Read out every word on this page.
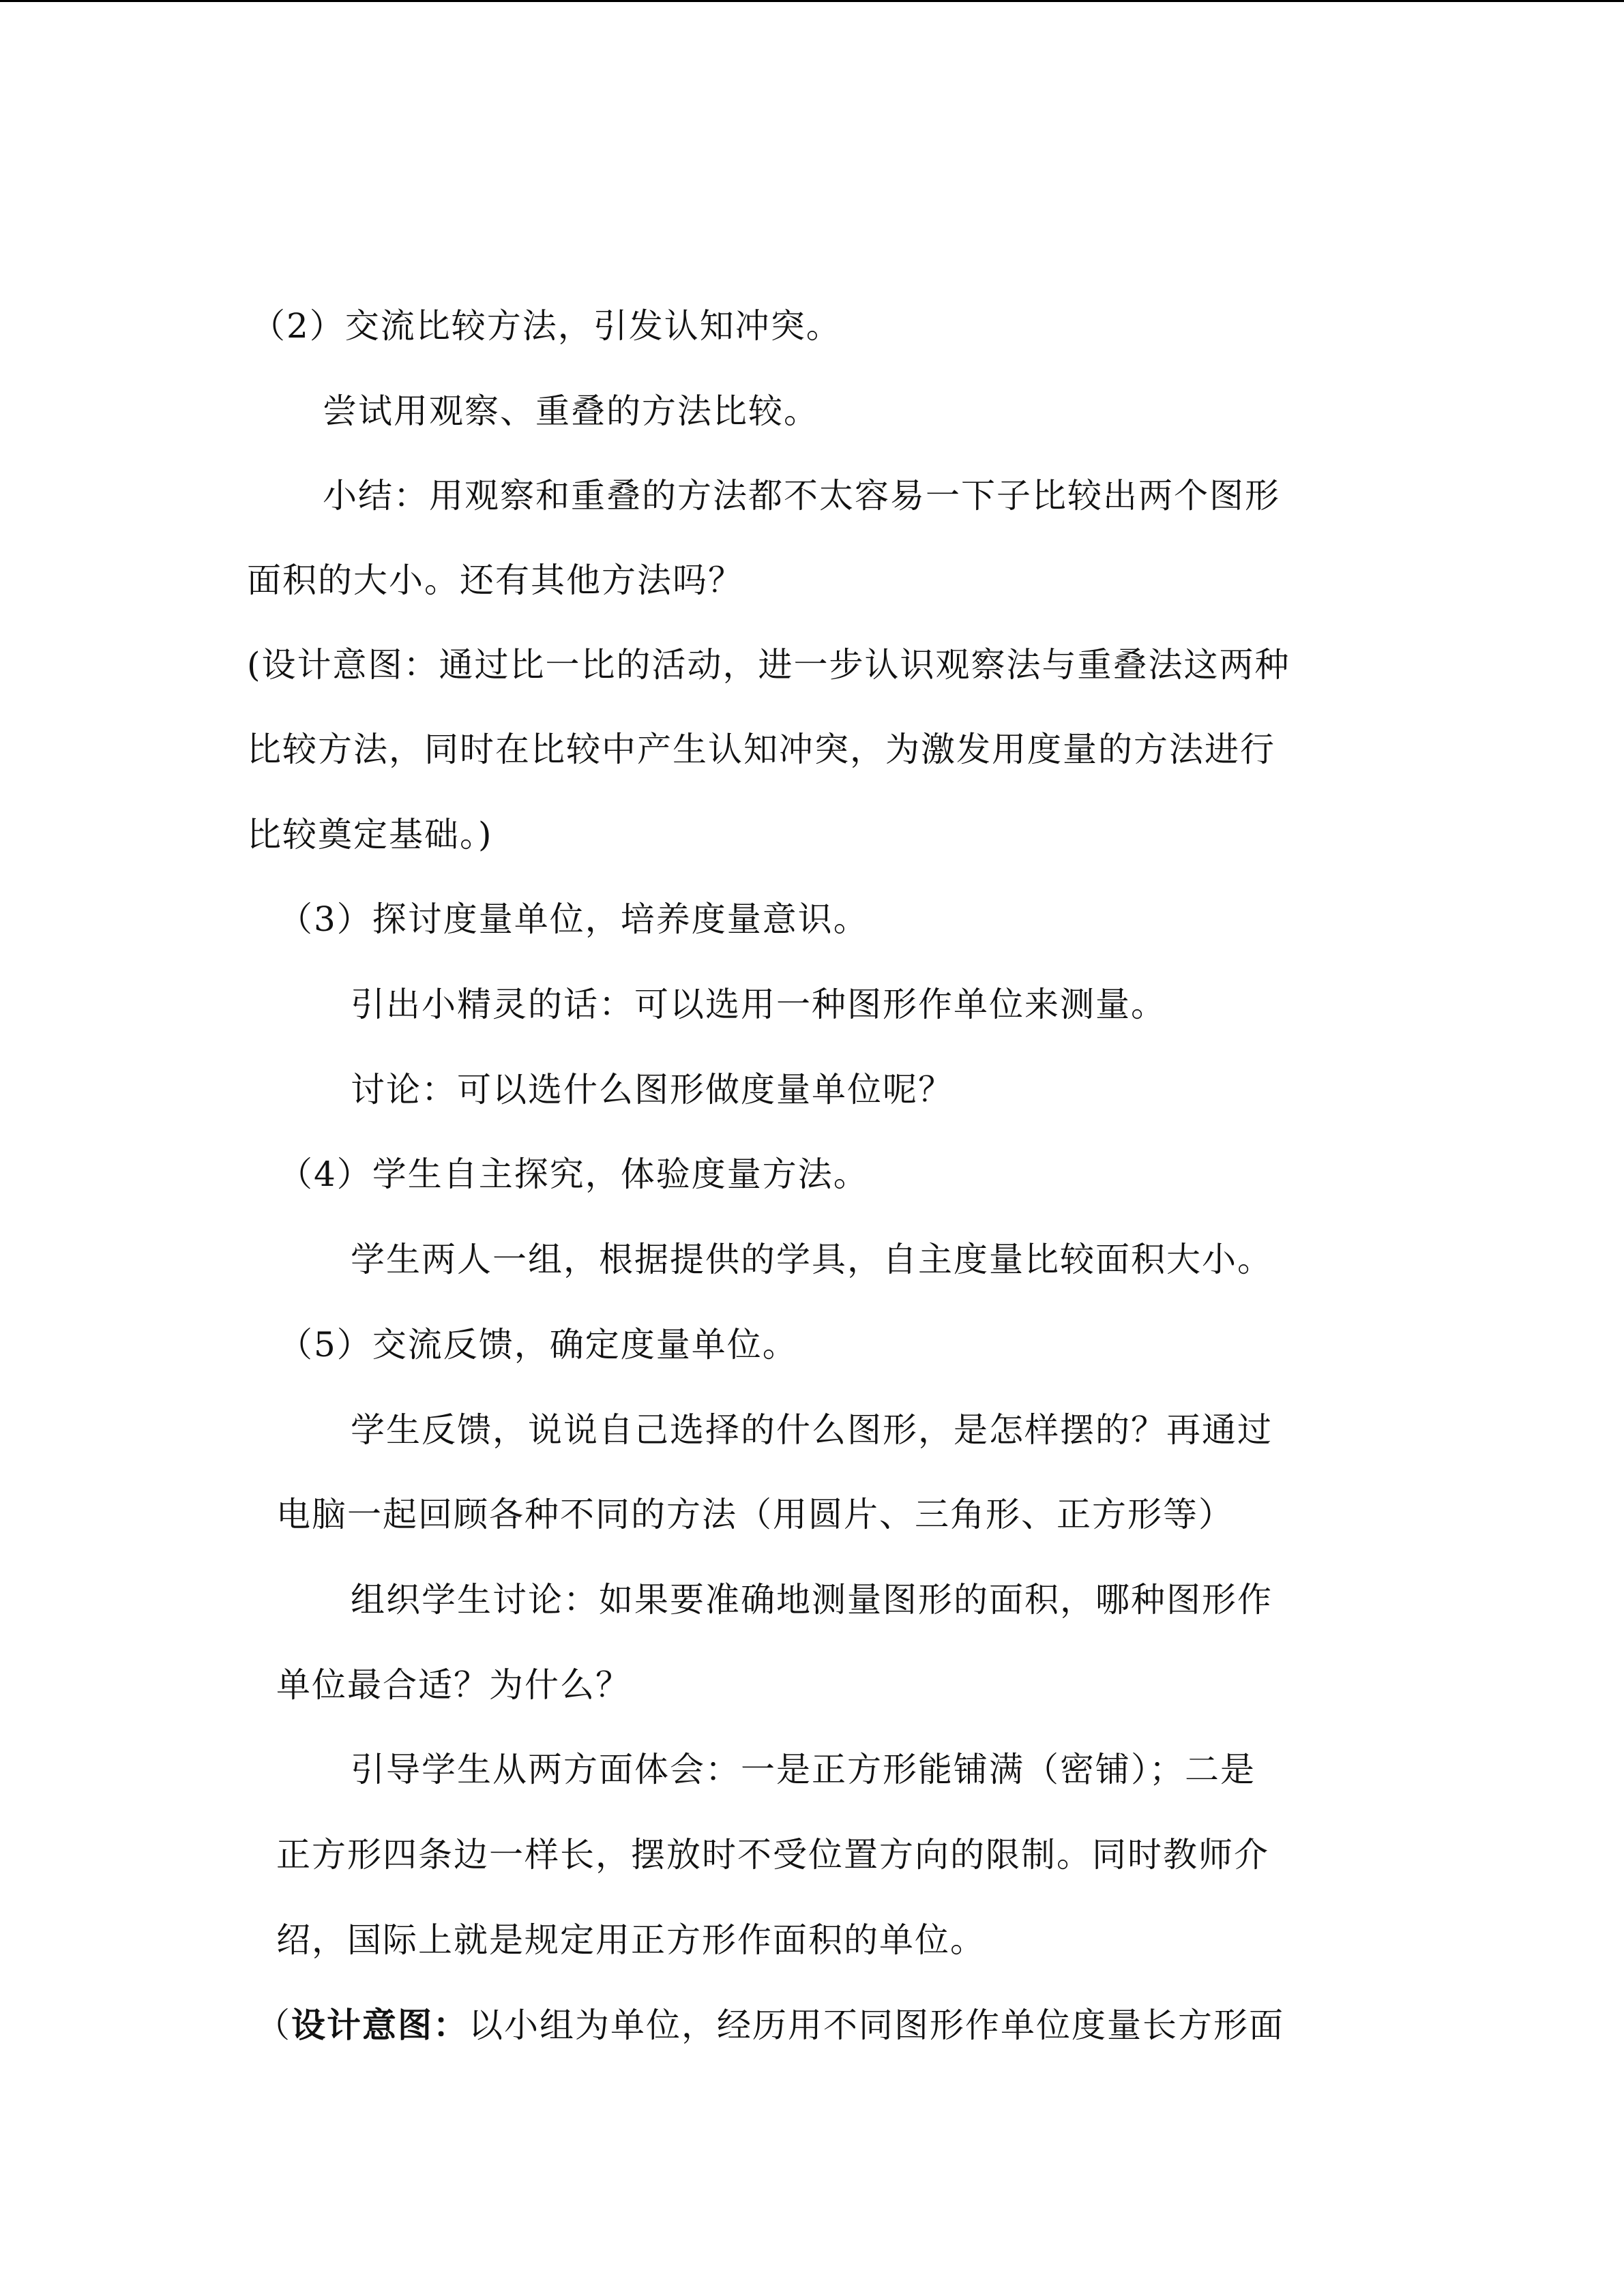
（2）交流比较方法，引发认知冲突。
尝试用观察、重叠的方法比较。
小结：用观察和重叠的方法都不太容易一下子比较出两个图形
面积的大小。还有其他方法吗？
(设计意图：通过比一比的活动，进一步认识观察法与重叠法这两种
比较方法，同时在比较中产生认知冲突，为激发用度量的方法进行
比较奠定基础。)
（3）探讨度量单位，培养度量意识。
引出小精灵的话：可以选用一种图形作单位来测量。
讨论：可以选什么图形做度量单位呢？
（4）学生自主探究，体验度量方法。
学生两人一组，根据提供的学具，自主度量比较面积大小。
（5）交流反馈，确定度量单位。
学生反馈，说说自己选择的什么图形，是怎样摆的？再通过
电脑一起回顾各种不同的方法（用圆片、三角形、正方形等）
组织学生讨论：如果要准确地测量图形的面积，哪种图形作
单位最合适？为什么？
引导学生从两方面体会：一是正方形能铺满（密铺）；二是
正方形四条边一样长，摆放时不受位置方向的限制。同时教师介
绍，国际上就是规定用正方形作面积的单位。
（设计意图：以小组为单位，经历用不同图形作单位度量长方形面
